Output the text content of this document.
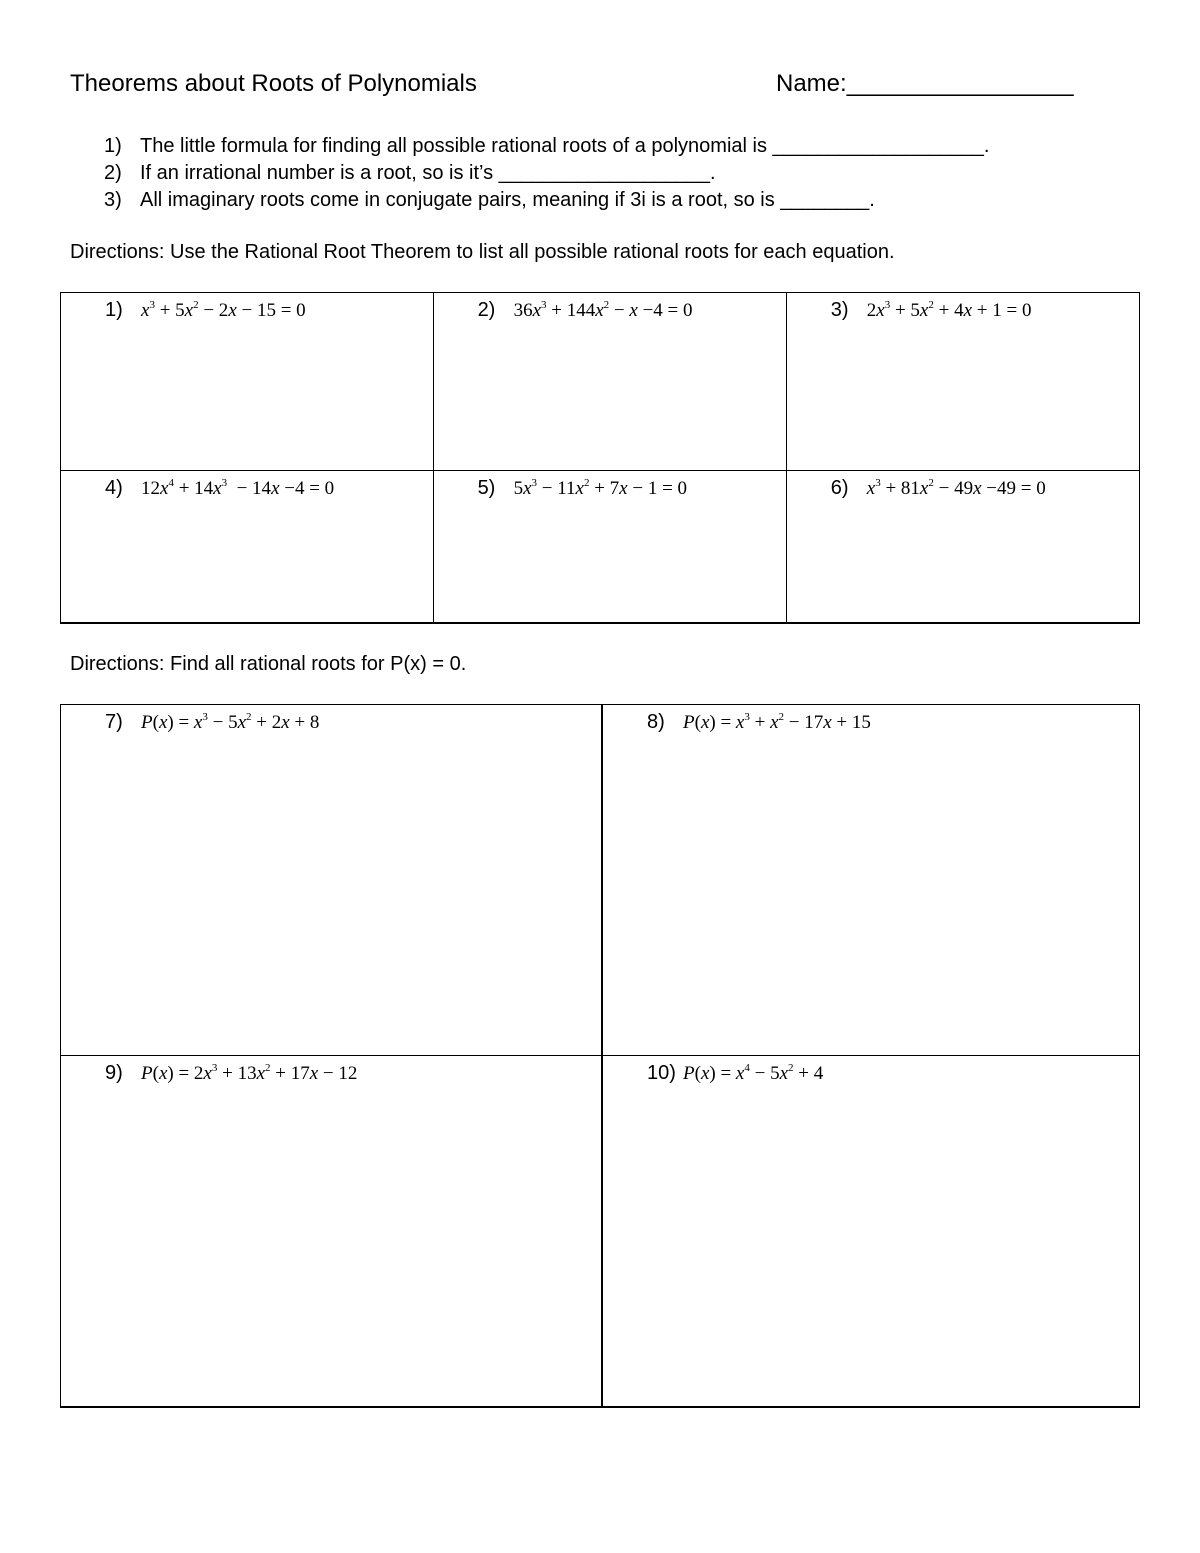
Theorems about Roots of Polynomials	Name:_________________
1) The little formula for finding all possible rational roots of a polynomial is ___________________.
2) If an irrational number is a root, so is it’s ___________________.
3) All imaginary roots come in conjugate pairs, meaning if 3i is a root, so is ________.
Directions: Use the Rational Root Theorem to list all possible rational roots for each equation.
1) $x^3 + 5x^2 - 2x - 15 = 0$	2) $36x^3 + 144x^2 - x -4 = 0$	3) $2x^3 + 5x^2 + 4x + 1 = 0$

4) $12x^4 + 14x^3 - 14x -4 = 0$	5) $5x^3 - 11x^2 + 7x - 1 = 0$	6) $x^3 + 81x^2 - 49x -49 = 0$
Directions: Find all rational roots for P(x) = 0.
7) $P(x) = x^3 - 5x^2 + 2x + 8$	8) $P(x) = x^3 + x^2 - 17x + 15$

9) $P(x) = 2x^3 + 13x^2 + 17x - 12$	10) $P(x) = x^4 - 5x^2 + 4$
